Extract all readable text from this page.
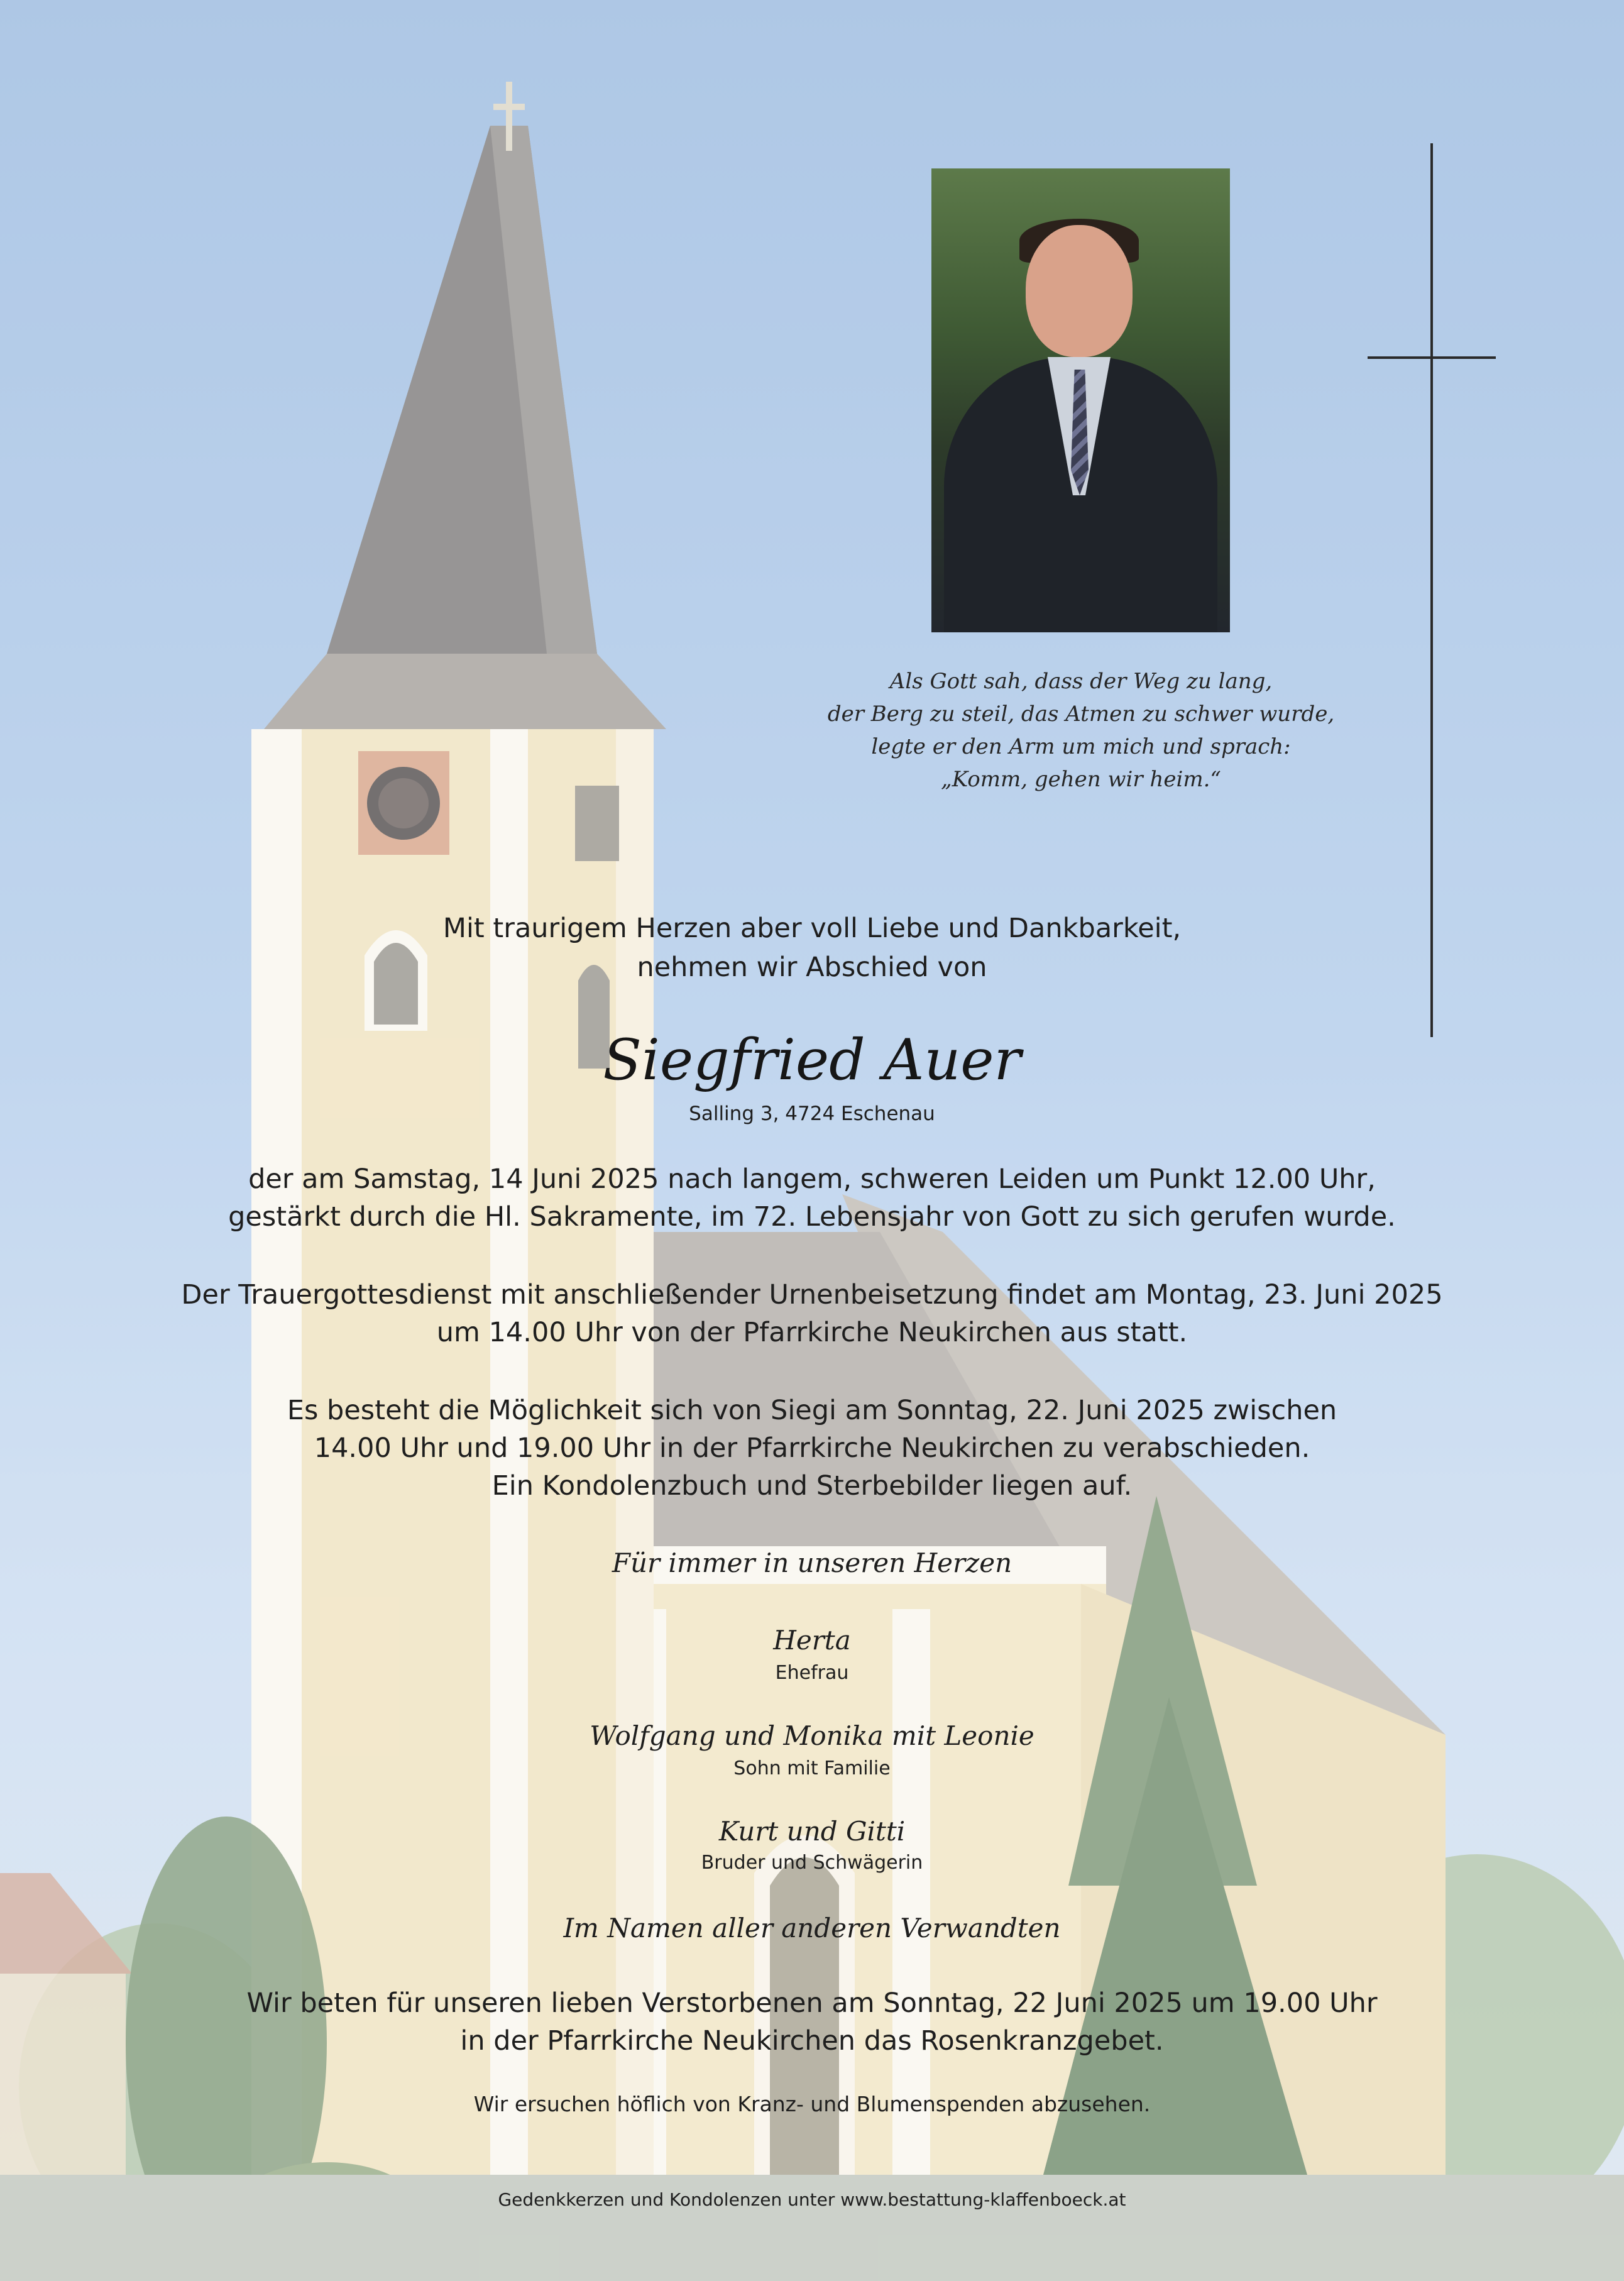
Als Gott sah, dass der Weg zu lang,
der Berg zu steil, das Atmen zu schwer wurde,
legte er den Arm um mich und sprach:
„Komm, gehen wir heim.“
Mit traurigem Herzen aber voll Liebe und Dankbarkeit,
nehmen wir Abschied von
Siegfried Auer
Salling 3, 4724 Eschenau
der am Samstag, 14 Juni 2025 nach langem, schweren Leiden um Punkt 12.00 Uhr,
gestärkt durch die Hl. Sakramente, im 72. Lebensjahr von Gott zu sich gerufen wurde.
Der Trauergottesdienst mit anschließender Urnenbeisetzung findet am Montag, 23. Juni 2025
um 14.00 Uhr von der Pfarrkirche Neukirchen aus statt.
Es besteht die Möglichkeit sich von Siegi am Sonntag, 22. Juni 2025 zwischen
14.00 Uhr und 19.00 Uhr in der Pfarrkirche Neukirchen zu verabschieden.
Ein Kondolenzbuch und Sterbebilder liegen auf.
Für immer in unseren Herzen
Herta
Ehefrau
Wolfgang und Monika mit Leonie
Sohn mit Familie
Kurt und Gitti
Bruder und Schwägerin
Im Namen aller anderen Verwandten
Wir beten für unseren lieben Verstorbenen am Sonntag, 22 Juni 2025 um 19.00 Uhr
in der Pfarrkirche Neukirchen das Rosenkranzgebet.
Wir ersuchen höflich von Kranz- und Blumenspenden abzusehen.
Gedenkkerzen und Kondolenzen unter www.bestattung-klaffenboeck.at
